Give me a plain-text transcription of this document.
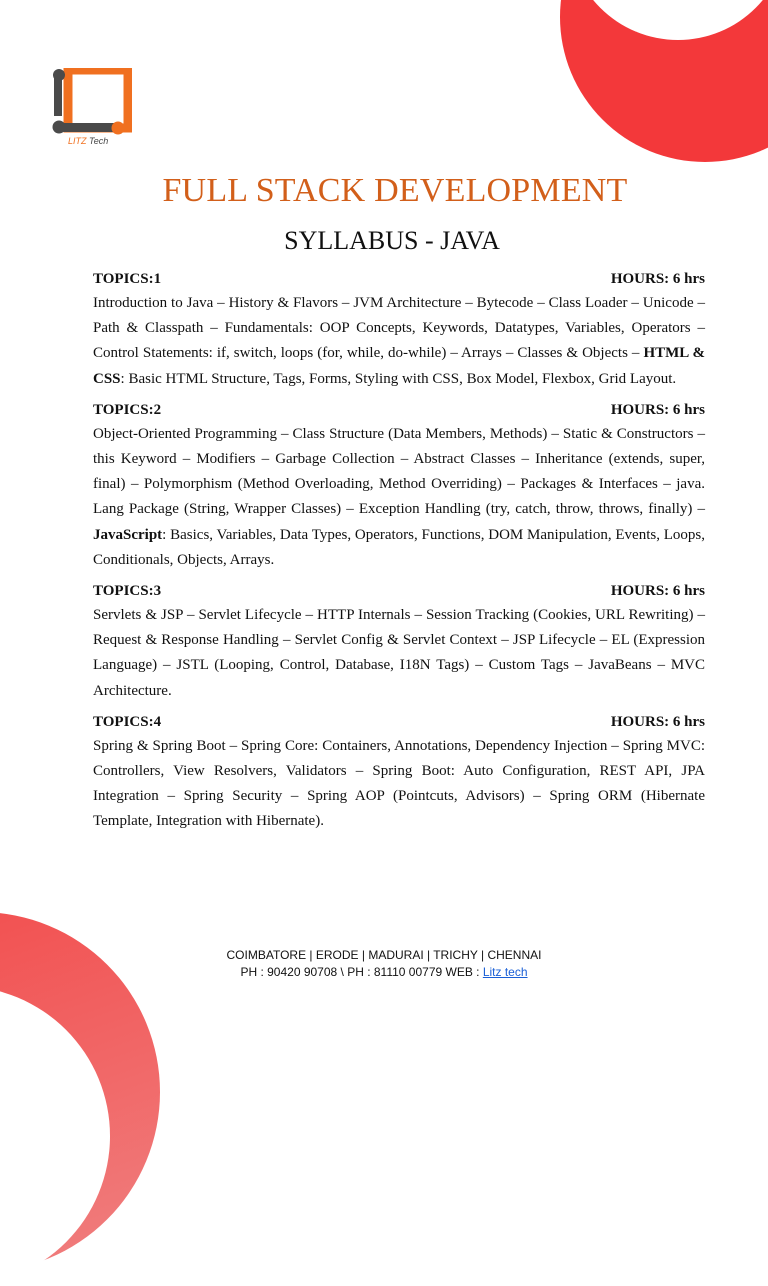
LITZ Tech
FULL STACK DEVELOPMENT
SYLLABUS - JAVA
TOPICS:1	HOURS: 6 hrs
Introduction to Java – History & Flavors – JVM Architecture – Bytecode – Class Loader – Unicode – Path & Classpath – Fundamentals: OOP Concepts, Keywords, Datatypes, Variables, Operators – Control Statements: if, switch, loops (for, while, do-while) – Arrays – Classes & Objects – HTML & CSS: Basic HTML Structure, Tags, Forms, Styling with CSS, Box Model, Flexbox, Grid Layout.
TOPICS:2	HOURS: 6 hrs
Object-Oriented Programming – Class Structure (Data Members, Methods) – Static & Constructors – this Keyword – Modifiers – Garbage Collection – Abstract Classes – Inheritance (extends, super, final) – Polymorphism (Method Overloading, Method Overriding) – Packages & Interfaces – java. Lang Package (String, Wrapper Classes) – Exception Handling (try, catch, throw, throws, finally) – JavaScript: Basics, Variables, Data Types, Operators, Functions, DOM Manipulation, Events, Loops, Conditionals, Objects, Arrays.
TOPICS:3	HOURS: 6 hrs
Servlets & JSP – Servlet Lifecycle – HTTP Internals – Session Tracking (Cookies, URL Rewriting) – Request & Response Handling – Servlet Config & Servlet Context – JSP Lifecycle – EL (Expression Language) – JSTL (Looping, Control, Database, I18N Tags) – Custom Tags – JavaBeans – MVC Architecture.
TOPICS:4	HOURS: 6 hrs
Spring & Spring Boot – Spring Core: Containers, Annotations, Dependency Injection – Spring MVC: Controllers, View Resolvers, Validators – Spring Boot: Auto Configuration, REST API, JPA Integration – Spring Security – Spring AOP (Pointcuts, Advisors) – Spring ORM (Hibernate Template, Integration with Hibernate).
COIMBATORE | ERODE | MADURAI | TRICHY | CHENNAI
PH : 90420 90708 \ PH : 81110 00779 WEB : Litz tech
